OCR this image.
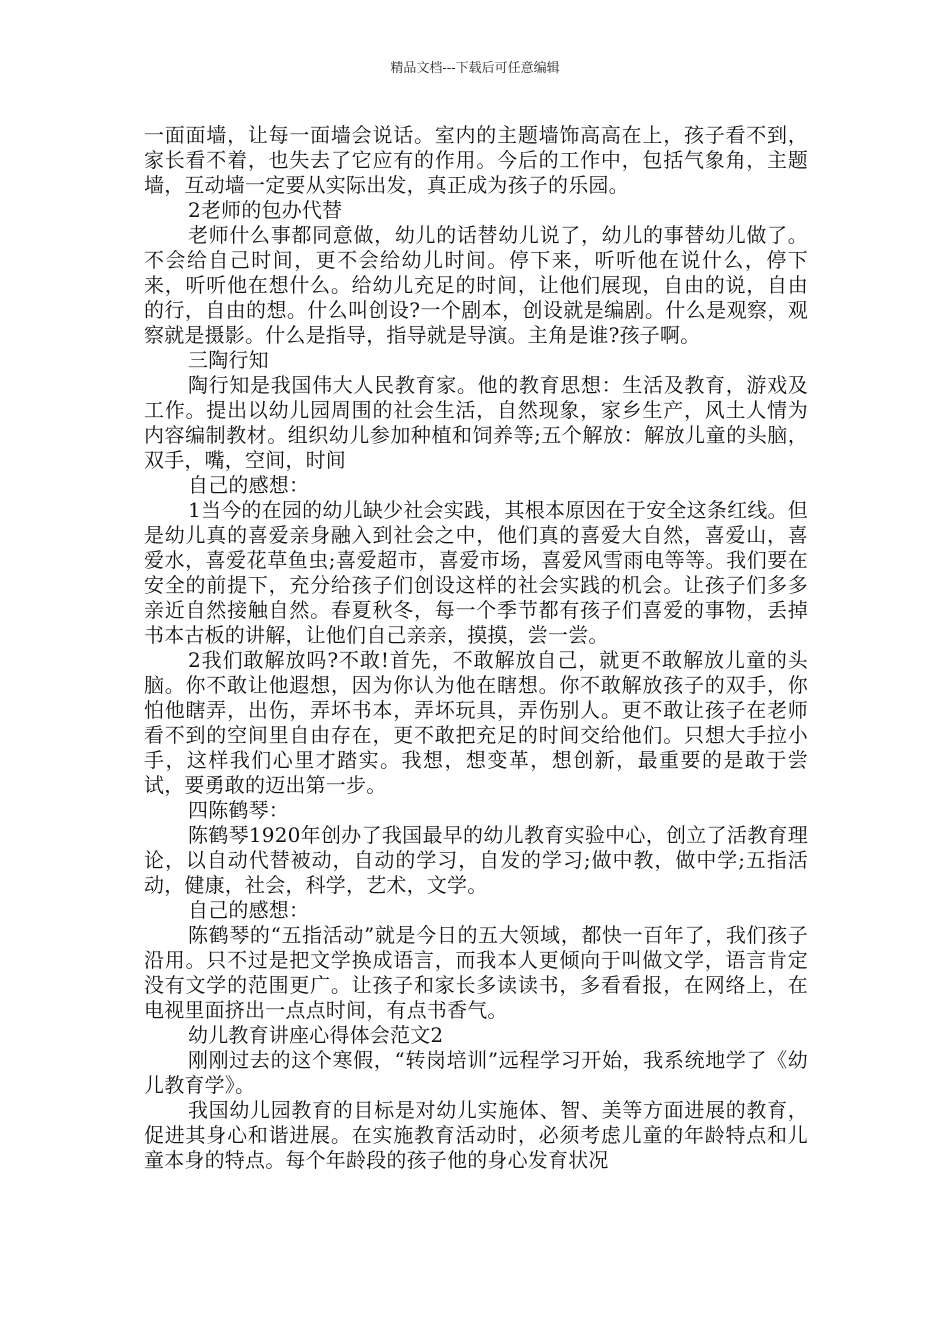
精品文档---下载后可任意编辑

一面面墙，让每一面墙会说话。室内的主题墙饰高高在上，孩子看不到，家长看不着，也失去了它应有的作用。今后的工作中，包括气象角，主题墙，互动墙一定要从实际出发，真正成为孩子的乐园。

2老师的包办代替

老师什么事都同意做，幼儿的话替幼儿说了，幼儿的事替幼儿做了。不会给自己时间，更不会给幼儿时间。停下来，听听他在说什么，停下来，听听他在想什么。给幼儿充足的时间，让他们展现，自由的说，自由的行，自由的想。什么叫创设?一个剧本，创设就是编剧。什么是观察，观察就是摄影。什么是指导，指导就是导演。主角是谁?孩子啊。

三陶行知

陶行知是我国伟大人民教育家。他的教育思想：生活及教育，游戏及工作。提出以幼儿园周围的社会生活，自然现象，家乡生产，风土人情为内容编制教材。组织幼儿参加种植和饲养等;五个解放：解放儿童的头脑，双手，嘴，空间，时间

自己的感想：

1当今的在园的幼儿缺少社会实践，其根本原因在于安全这条红线。但是幼儿真的喜爱亲身融入到社会之中，他们真的喜爱大自然，喜爱山，喜爱水，喜爱花草鱼虫;喜爱超市，喜爱市场，喜爱风雪雨电等等。我们要在安全的前提下，充分给孩子们创设这样的社会实践的机会。让孩子们多多亲近自然接触自然。春夏秋冬，每一个季节都有孩子们喜爱的事物，丢掉书本古板的讲解，让他们自己亲亲，摸摸，尝一尝。

2我们敢解放吗?不敢!首先，不敢解放自己，就更不敢解放儿童的头脑。你不敢让他遐想，因为你认为他在瞎想。你不敢解放孩子的双手，你怕他瞎弄，出伤，弄坏书本，弄坏玩具，弄伤别人。更不敢让孩子在老师看不到的空间里自由存在，更不敢把充足的时间交给他们。只想大手拉小手，这样我们心里才踏实。我想，想变革，想创新，最重要的是敢于尝试，要勇敢的迈出第一步。

四陈鹤琴：

陈鹤琴1920年创办了我国最早的幼儿教育实验中心，创立了活教育理论，以自动代替被动，自动的学习，自发的学习;做中教，做中学;五指活动，健康，社会，科学，艺术，文学。

自己的感想：

陈鹤琴的“五指活动”就是今日的五大领域，都快一百年了，我们孩子沿用。只不过是把文学换成语言，而我本人更倾向于叫做文学，语言肯定没有文学的范围更广。让孩子和家长多读读书，多看看报，在网络上，在电视里面挤出一点点时间，有点书香气。

幼儿教育讲座心得体会范文2

刚刚过去的这个寒假，“转岗培训”远程学习开始，我系统地学了《幼儿教育学》。

我国幼儿园教育的目标是对幼儿实施体、智、美等方面进展的教育，促进其身心和谐进展。在实施教育活动时，必须考虑儿童的年龄特点和儿童本身的特点。每个年龄段的孩子他的身心发育状况
